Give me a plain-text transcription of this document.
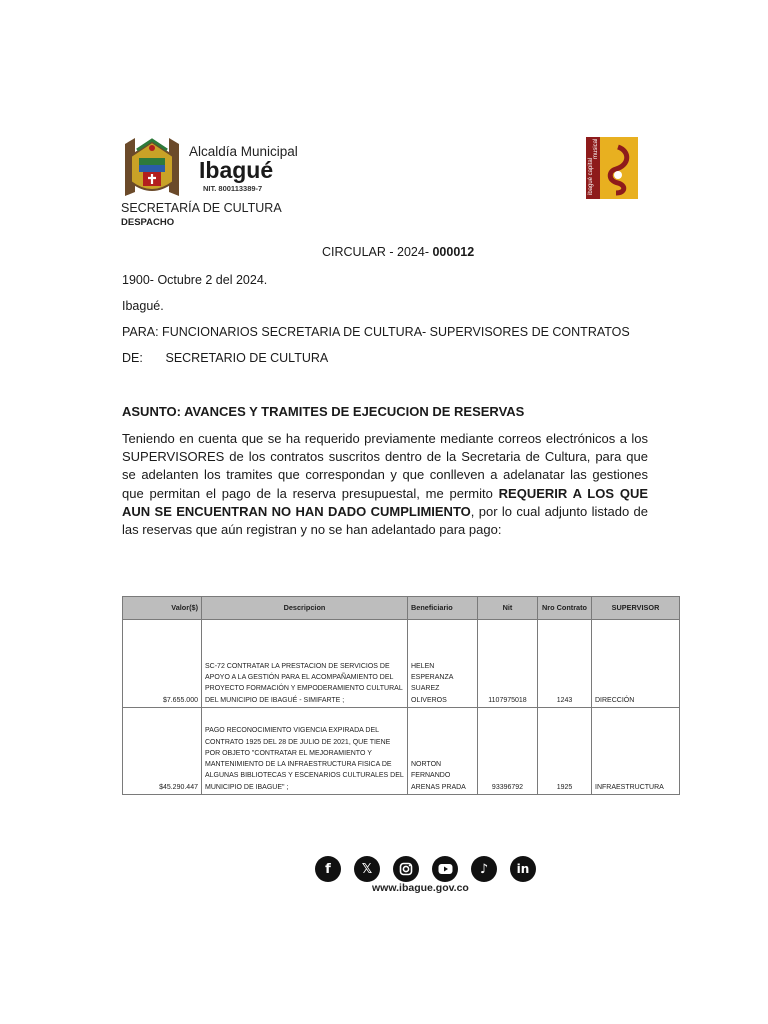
Alcaldía Municipal
Ibagué
NIT. 800113389-7
SECRETARÍA DE CULTURA
DESPACHO
ibagué capital
musical
CIRCULAR - 2024- 000012
1900- Octubre 2 del 2024.
Ibagué.
PARA: FUNCIONARIOS SECRETARIA DE CULTURA- SUPERVISORES DE CONTRATOS
DE: SECRETARIO DE CULTURA
ASUNTO: AVANCES Y TRAMITES DE EJECUCION DE RESERVAS

Teniendo en cuenta que se ha requerido previamente mediante correos electrónicos a los SUPERVISORES de los contratos suscritos dentro de la Secretaria de Cultura, para que se adelanten los tramites que correspondan y que conlleven a adelanatar las gestiones que permitan el pago de la reserva presupuestal, me permito REQUERIR A LOS QUE AUN SE ENCUENTRAN NO HAN DADO CUMPLIMIENTO, por lo cual adjunto listado de las reservas que aún registran y no se han adelantado para pago:

Valor($)	Descripcion	Beneficiario	Nit	Nro Contrato	SUPERVISOR
$7.655.000	SC-72 CONTRATAR LA PRESTACION DE SERVICIOS DE APOYO A LA GESTIÓN PARA EL ACOMPAÑAMIENTO DEL PROYECTO FORMACIÓN Y EMPODERAMIENTO CULTURAL DEL MUNICIPIO DE IBAGUÉ - SIMIFARTE ;	HELEN ESPERANZA SUAREZ OLIVEROS	1107975018	1243	DIRECCIÓN
$45.290.447	PAGO RECONOCIMIENTO VIGENCIA EXPIRADA DEL CONTRATO 1925 DEL 28 DE JULIO DE 2021, QUE TIENE POR OBJETO "CONTRATAR EL MEJORAMIENTO Y MANTENIMIENTO DE LA INFRAESTRUCTURA FISICA DE ALGUNAS BIBLIOTECAS Y ESCENARIOS CULTURALES DEL MUNICIPIO DE IBAGUE" ;	NORTON FERNANDO ARENAS PRADA	93396792	1925	INFRAESTRUCTURA
f	𝕏	♪	in
www.ibague.gov.co
